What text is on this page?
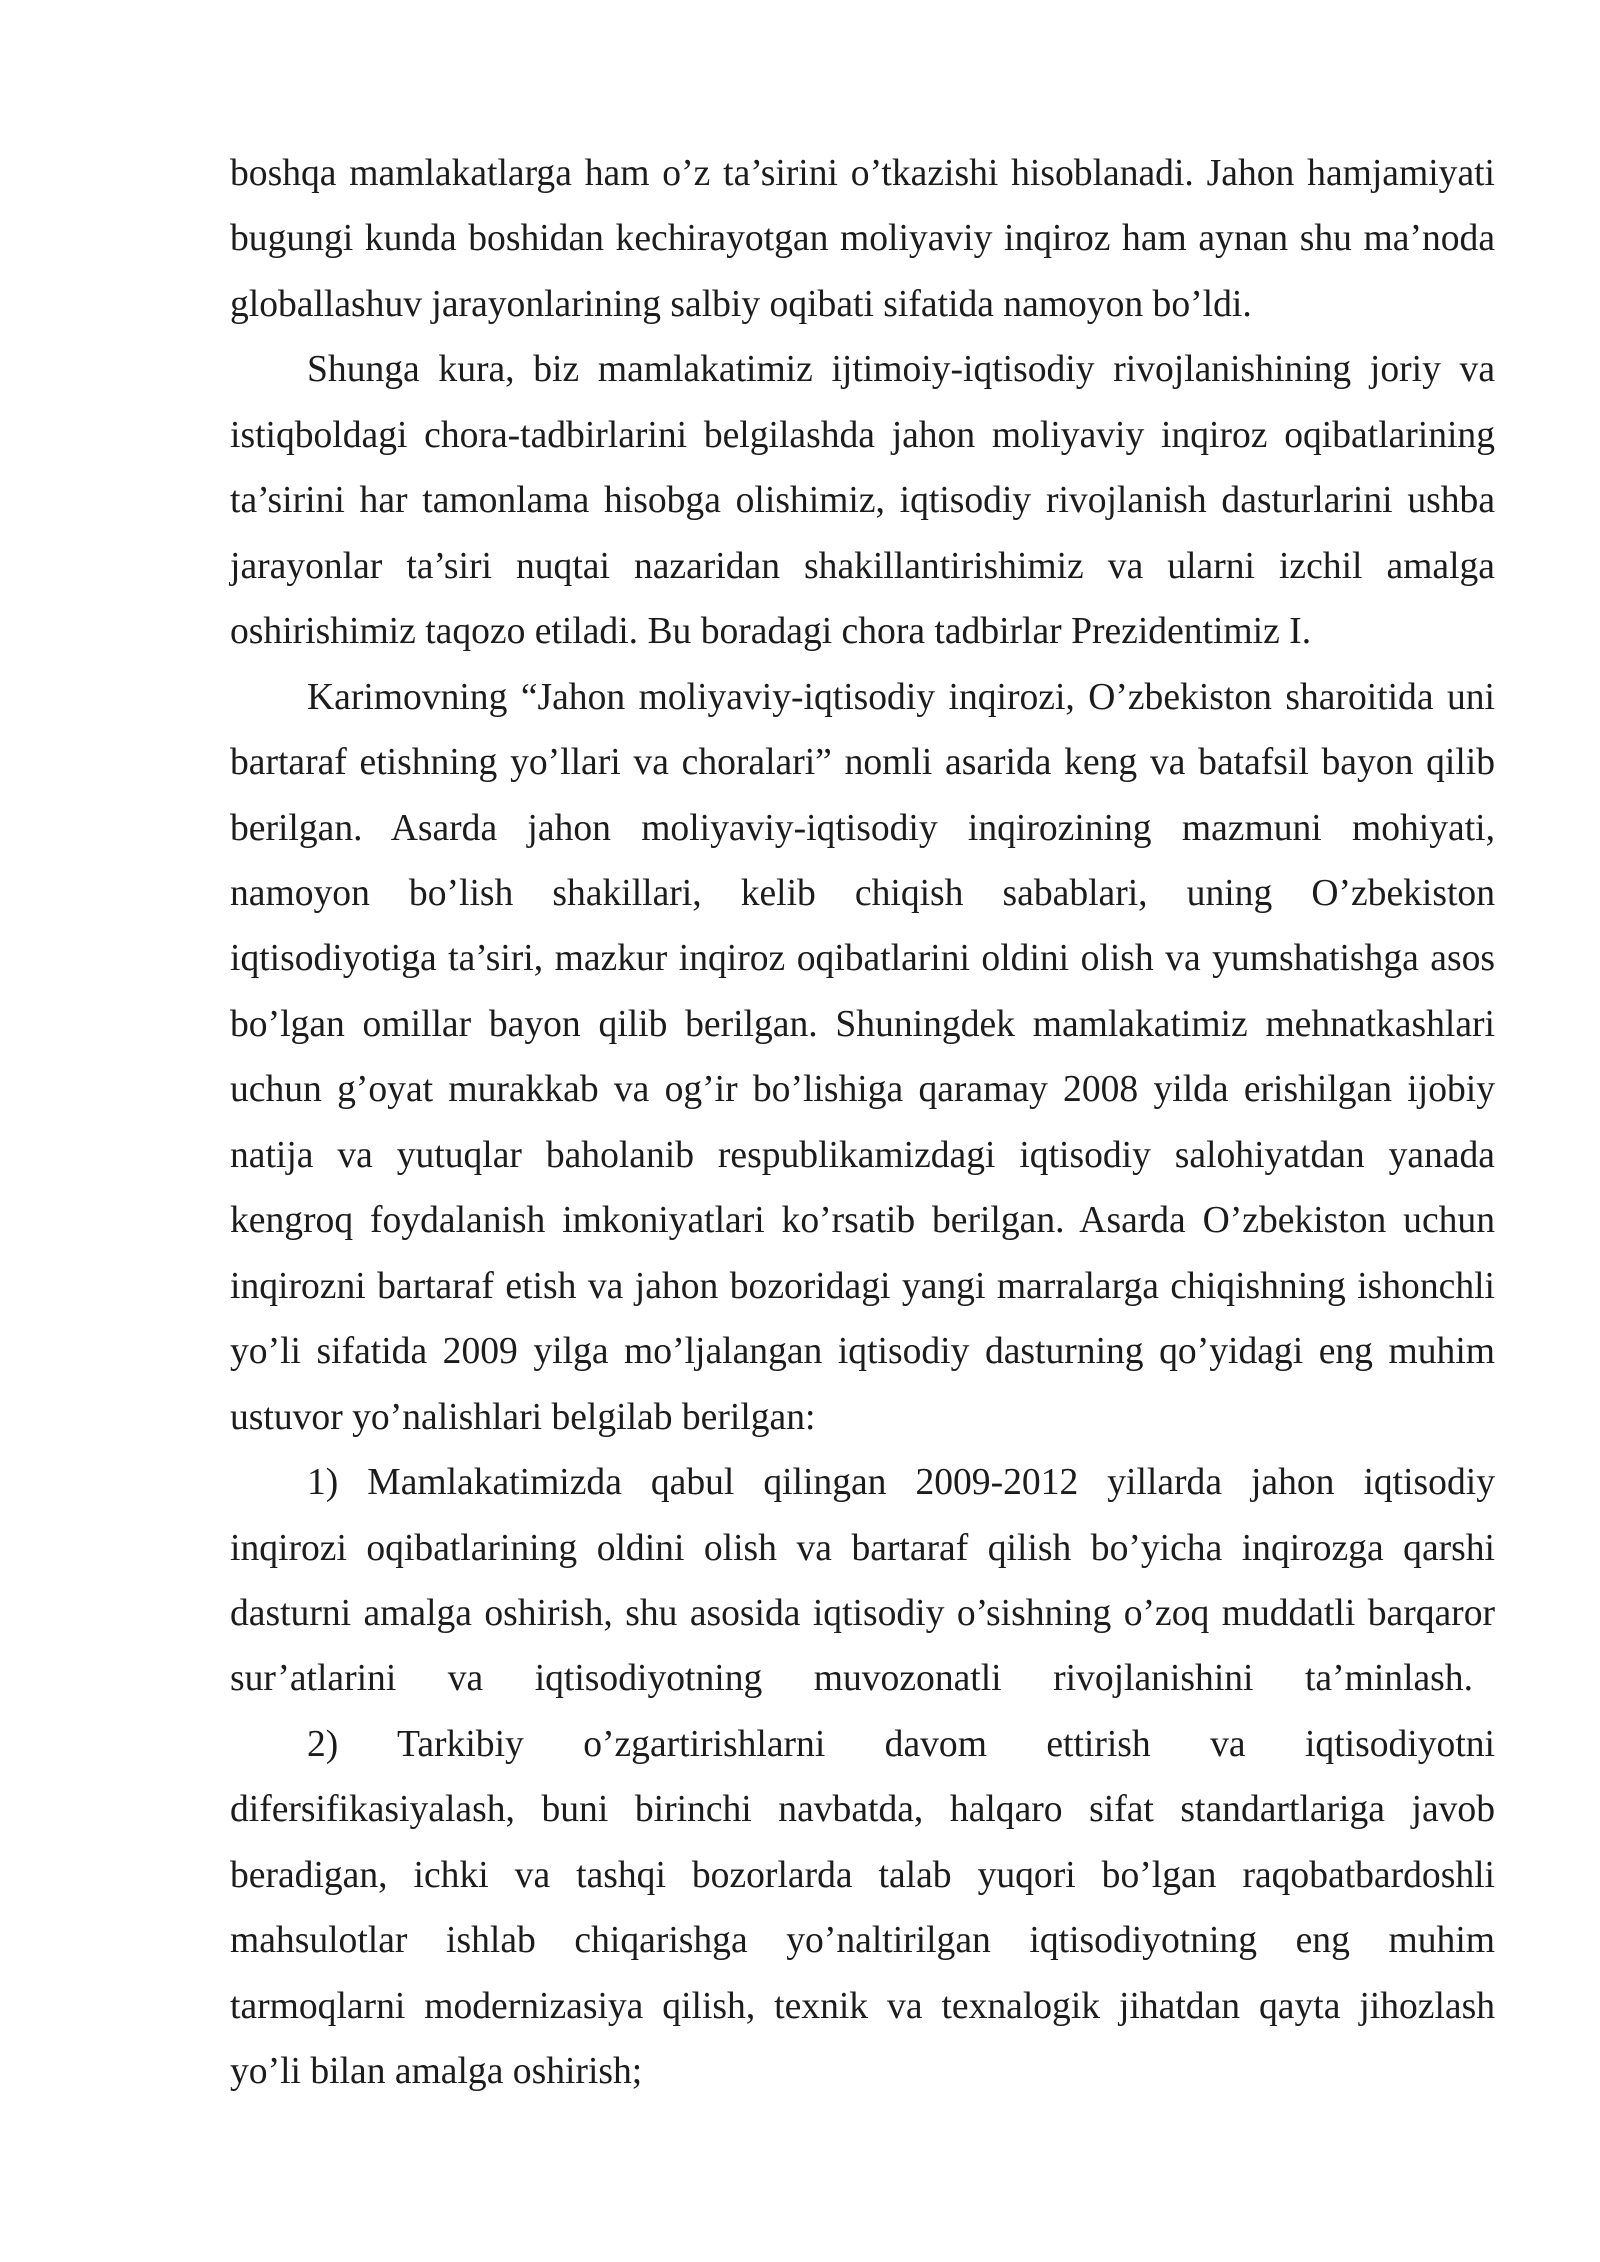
boshqa mamlakatlarga ham o’z ta’sirini o’tkazishi hisoblanadi. Jahon hamjamiyati
bugungi kunda boshidan kechirayotgan moliyaviy inqiroz ham aynan shu ma’noda
globallashuv jarayonlarining salbiy oqibati sifatida namoyon bo’ldi.
Shunga kura, biz mamlakatimiz ijtimoiy-iqtisodiy rivojlanishining joriy va
istiqboldagi chora-tadbirlarini belgilashda jahon moliyaviy inqiroz oqibatlarining
ta’sirini har tamonlama hisobga olishimiz, iqtisodiy rivojlanish dasturlarini ushba
jarayonlar ta’siri nuqtai nazaridan shakillantirishimiz va ularni izchil amalga
oshirishimiz taqozo etiladi. Bu boradagi chora tadbirlar Prezidentimiz I.
Karimovning “Jahon moliyaviy-iqtisodiy inqirozi, O’zbekiston sharoitida uni
bartaraf etishning yo’llari va choralari” nomli asarida keng va batafsil bayon qilib
berilgan. Asarda jahon moliyaviy-iqtisodiy inqirozining mazmuni mohiyati,
namoyon bo’lish shakillari, kelib chiqish sabablari, uning O’zbekiston
iqtisodiyotiga ta’siri, mazkur inqiroz oqibatlarini oldini olish va yumshatishga asos
bo’lgan omillar bayon qilib berilgan. Shuningdek mamlakatimiz mehnatkashlari
uchun g’oyat murakkab va og’ir bo’lishiga qaramay 2008 yilda erishilgan ijobiy
natija va yutuqlar baholanib respublikamizdagi iqtisodiy salohiyatdan yanada
kengroq foydalanish imkoniyatlari ko’rsatib berilgan. Asarda O’zbekiston uchun
inqirozni bartaraf etish va jahon bozoridagi yangi marralarga chiqishning ishonchli
yo’li sifatida 2009 yilga mo’ljalangan iqtisodiy dasturning qo’yidagi eng muhim
ustuvor yo’nalishlari belgilab berilgan:
1) Mamlakatimizda qabul qilingan 2009-2012 yillarda jahon iqtisodiy
inqirozi oqibatlarining oldini olish va bartaraf qilish bo’yicha inqirozga qarshi
dasturni amalga oshirish, shu asosida iqtisodiy o’sishning o’zoq muddatli barqaror
sur’atlarini va iqtisodiyotning muvozonatli rivojlanishini ta’minlash.
2) Tarkibiy o’zgartirishlarni davom ettirish va iqtisodiyotni
difersifikasiyalash, buni birinchi navbatda, halqaro sifat standartlariga javob
beradigan, ichki va tashqi bozorlarda talab yuqori bo’lgan raqobatbardoshli
mahsulotlar ishlab chiqarishga yo’naltirilgan iqtisodiyotning eng muhim
tarmoqlarni modernizasiya qilish, texnik va texnalogik jihatdan qayta jihozlash
yo’li bilan amalga oshirish;
